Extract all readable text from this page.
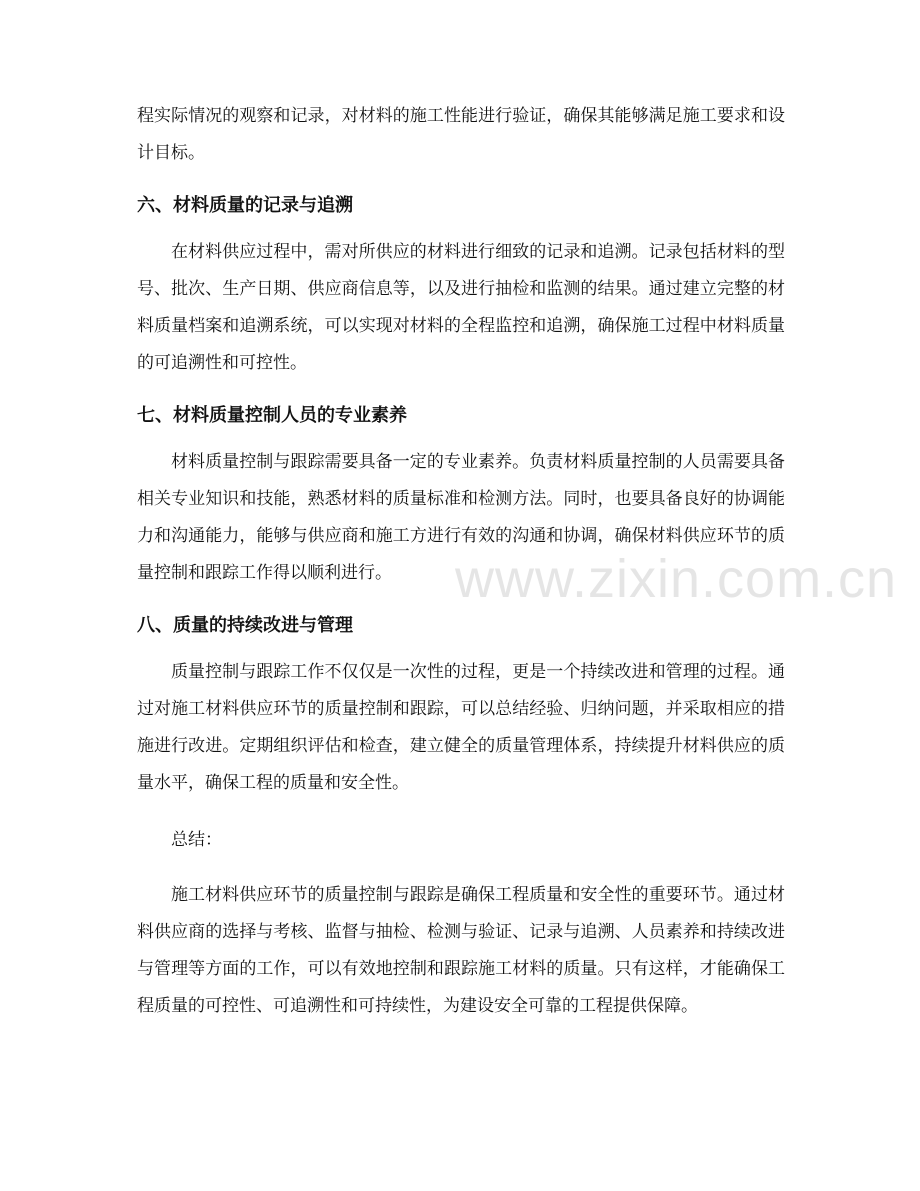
程实际情况的观察和记录，对材料的施工性能进行验证，确保其能够满足施工要求和设计目标。

六、材料质量的记录与追溯

在材料供应过程中，需对所供应的材料进行细致的记录和追溯。记录包括材料的型号、批次、生产日期、供应商信息等，以及进行抽检和监测的结果。通过建立完整的材料质量档案和追溯系统，可以实现对材料的全程监控和追溯，确保施工过程中材料质量的可追溯性和可控性。

七、材料质量控制人员的专业素养

材料质量控制与跟踪需要具备一定的专业素养。负责材料质量控制的人员需要具备相关专业知识和技能，熟悉材料的质量标准和检测方法。同时，也要具备良好的协调能力和沟通能力，能够与供应商和施工方进行有效的沟通和协调，确保材料供应环节的质量控制和跟踪工作得以顺利进行。

八、质量的持续改进与管理

质量控制与跟踪工作不仅仅是一次性的过程，更是一个持续改进和管理的过程。通过对施工材料供应环节的质量控制和跟踪，可以总结经验、归纳问题，并采取相应的措施进行改进。定期组织评估和检查，建立健全的质量管理体系，持续提升材料供应的质量水平，确保工程的质量和安全性。

总结：

施工材料供应环节的质量控制与跟踪是确保工程质量和安全性的重要环节。通过材料供应商的选择与考核、监督与抽检、检测与验证、记录与追溯、人员素养和持续改进与管理等方面的工作，可以有效地控制和跟踪施工材料的质量。只有这样，才能确保工程质量的可控性、可追溯性和可持续性，为建设安全可靠的工程提供保障。

www.zixin.com.cn
